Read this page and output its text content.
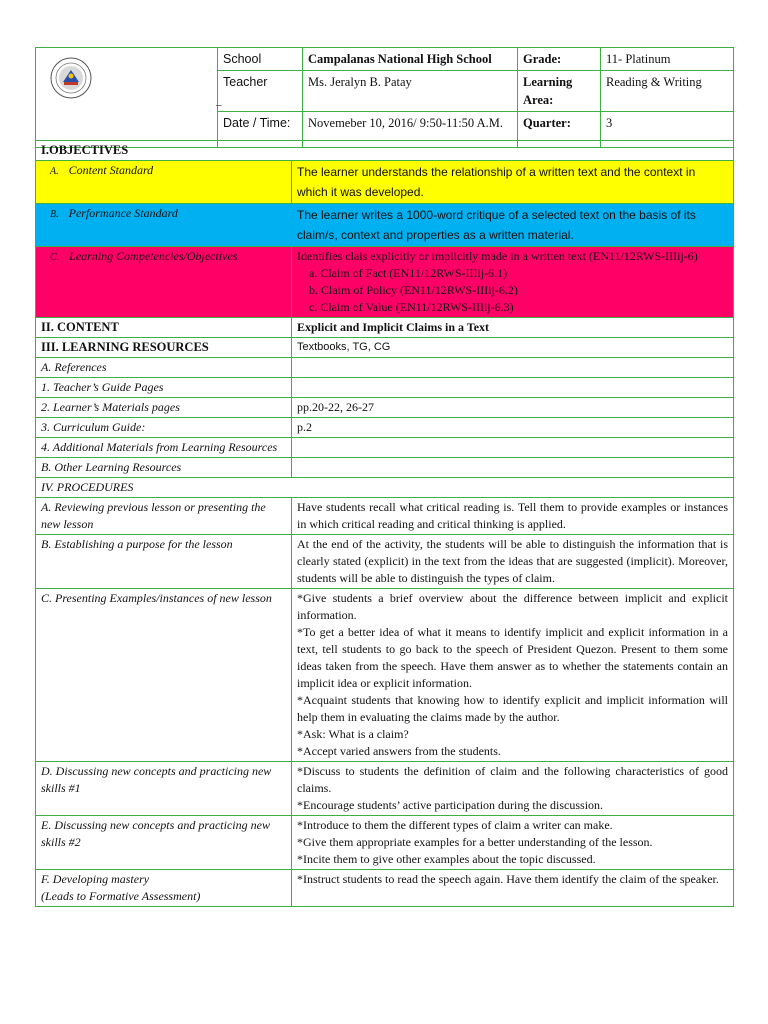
–	School	Campalanas National High School	Grade:	11- Platinum
	Teacher	Ms. Jeralyn B. Patay	Learning Area:	Reading & Writing
	Date / Time:	Novemeber 10, 2016/ 9:50-11:50 A.M.	Quarter:	3
I.OBJECTIVES	
A. Content Standard	The learner understands the relationship of a written text and the context in which it was developed.
B. Performance Standard	The learner writes a 1000-word critique of a selected text on the basis of its claim/s, context and properties as a written material.
C. Learning Competencies/Objectives	Identifies clais explicitly or implicitly made in a written text (EN11/12RWS-IIIij-6)
a. Claim of Fact (EN11/12RWS-IIIij-6.1)
b. Claim of Policy (EN11/12RWS-IIIij-6.2)
c. Claim of Value (EN11/12RWS-IIIij-6.3)

II. CONTENT	Explicit and Implicit Claims in a Text
III. LEARNING RESOURCES	Textbooks, TG, CG
A. References	
1. Teacher’s Guide Pages	
2. Learner’s Materials pages	pp.20-22, 26-27
3. Curriculum Guide:	p.2
4. Additional Materials from Learning Resources	
B. Other Learning Resources	
IV. PROCEDURES	
A. Reviewing previous lesson or presenting the new lesson	Have students recall what critical reading is. Tell them to provide examples or instances in which critical reading and critical thinking is applied.
B. Establishing a purpose for the lesson	At the end of the activity, the students will be able to distinguish the information that is clearly stated (explicit) in the text from the ideas that are suggested (implicit). Moreover, students will be able to distinguish the types of claim.
C. Presenting Examples/instances of new lesson	*Give students a brief overview about the difference between implicit and explicit information.
*To get a better idea of what it means to identify implicit and explicit information in a text, tell students to go back to the speech of President Quezon. Present to them some ideas taken from the speech. Have them answer as to whether the statements contain an implicit idea or explicit information.
*Acquaint students that knowing how to identify explicit and implicit information will help them in evaluating the claims made by the author.
*Ask: What is a claim?
*Accept varied answers from the students.

D. Discussing new concepts and practicing new skills #1	*Discuss to students the definition of claim and the following characteristics of good claims.
*Encourage students’ active participation during the discussion.

E. Discussing new concepts and practicing new skills #2	*Introduce to them the different types of claim a writer can make.
*Give them appropriate examples for a better understanding of the lesson.
*Incite them to give other examples about the topic discussed.

F. Developing mastery
(Leads to Formative Assessment)	*Instruct students to read the speech again. Have them identify the claim of the speaker.
